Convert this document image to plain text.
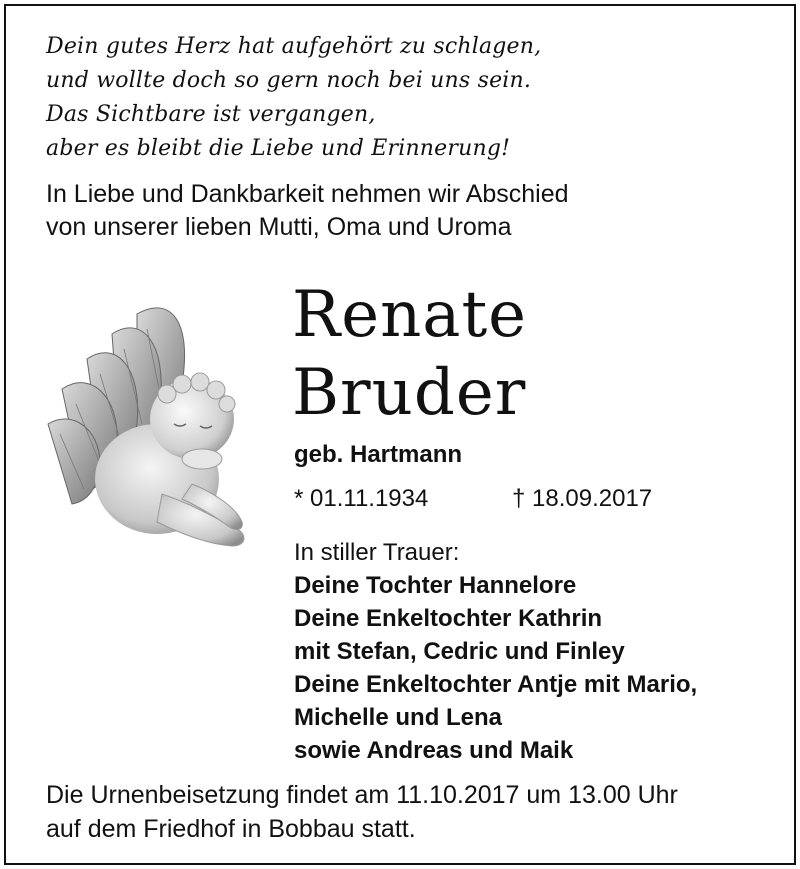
Dein gutes Herz hat aufgehört zu schlagen,
und wollte doch so gern noch bei uns sein.
Das Sichtbare ist vergangen,
aber es bleibt die Liebe und Erinnerung!
In Liebe und Dankbarkeit nehmen wir Abschied
von unserer lieben Mutti, Oma und Uroma
Renate
Bruder
geb. Hartmann
* 01.11.1934	† 18.09.2017
In stiller Trauer:
Deine Tochter Hannelore
Deine Enkeltochter Kathrin
mit Stefan, Cedric und Finley
Deine Enkeltochter Antje mit Mario,
Michelle und Lena
sowie Andreas und Maik
Die Urnenbeisetzung findet am 11.10.2017 um 13.00 Uhr
auf dem Friedhof in Bobbau statt.
